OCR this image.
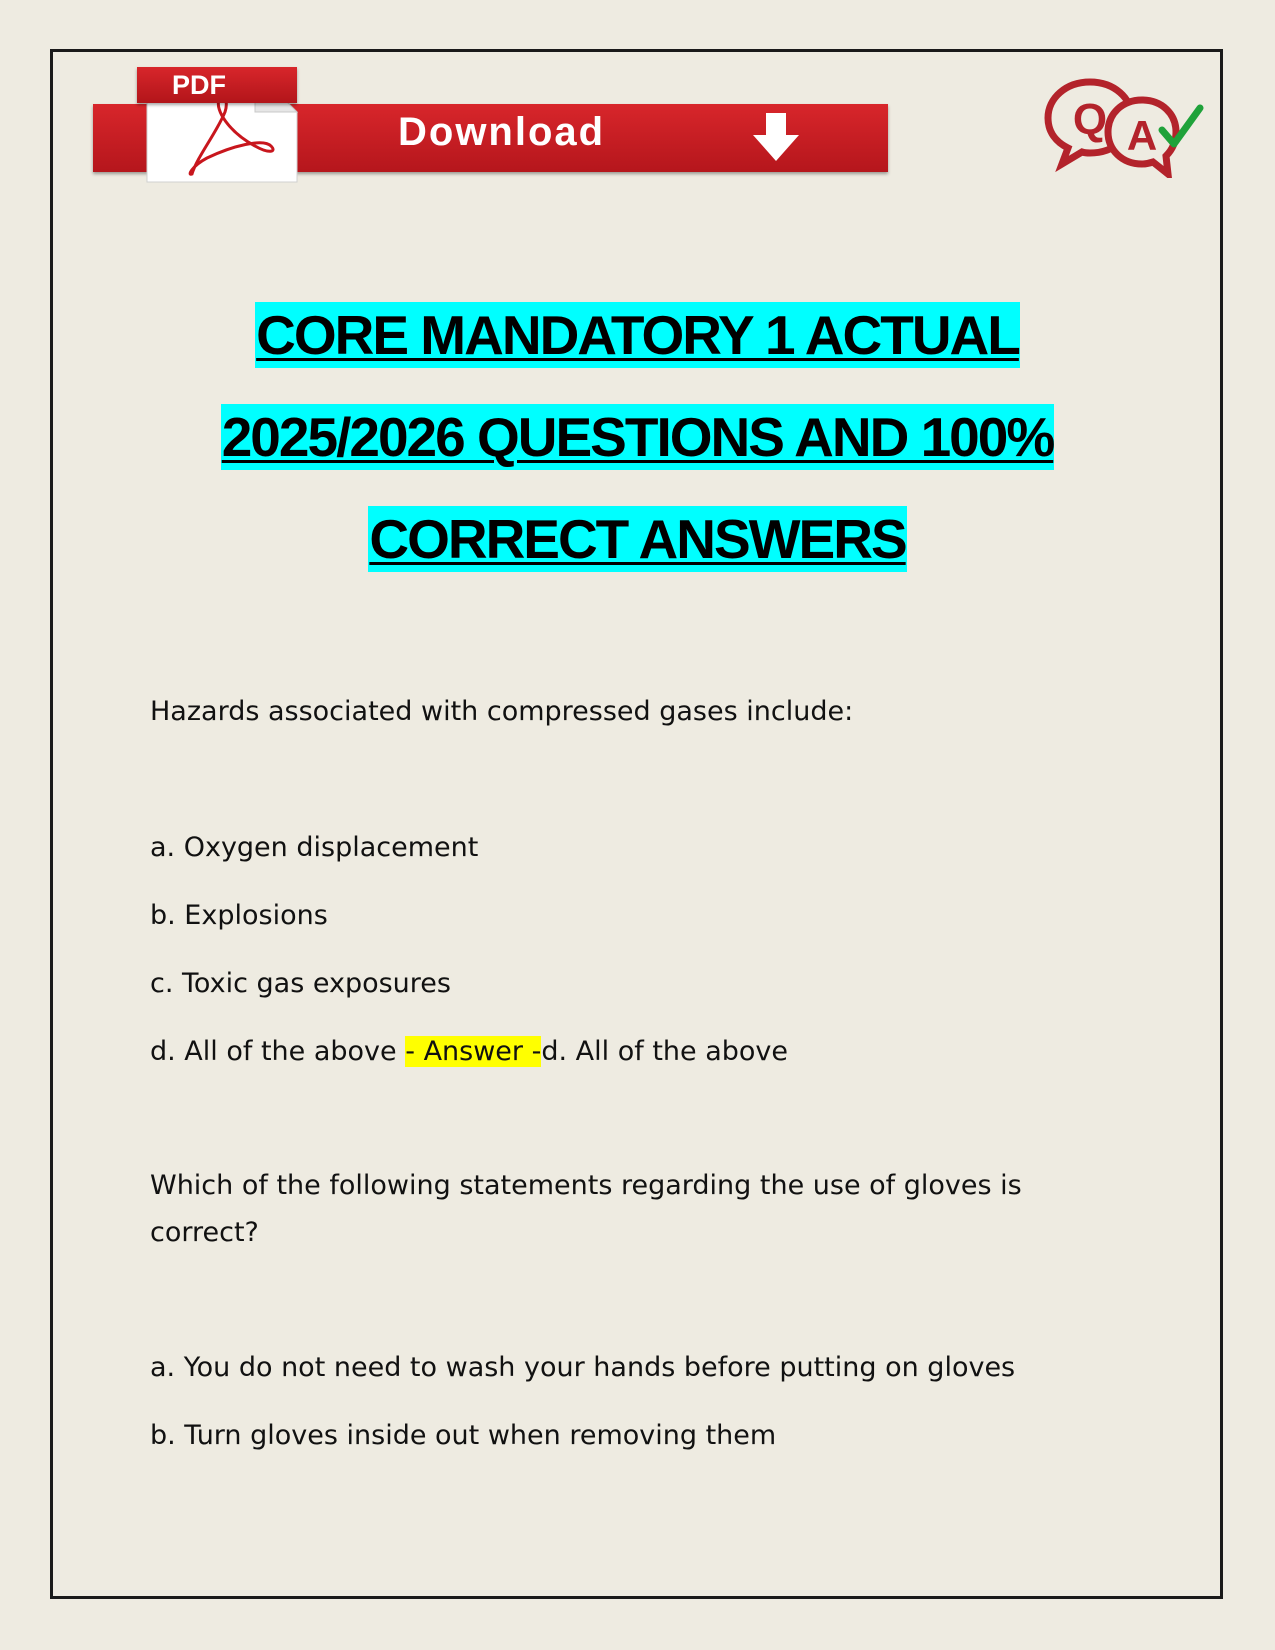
PDF
Download	Q A
CORE MANDATORY 1 ACTUAL
2025/2026 QUESTIONS AND 100%
CORRECT ANSWERS
Hazards associated with compressed gases include:
a. Oxygen displacement
b. Explosions
c. Toxic gas exposures
d. All of the above - Answer -d. All of the above
Which of the following statements regarding the use of gloves is correct?
a. You do not need to wash your hands before putting on gloves
b. Turn gloves inside out when removing them
